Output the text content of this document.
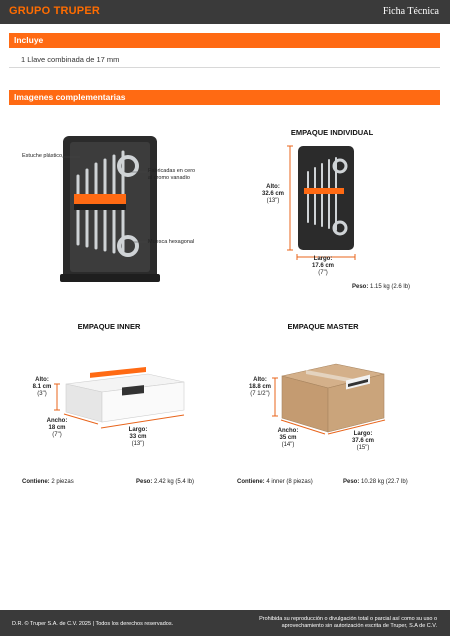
GRUPO TRUPER	Ficha Técnica
Incluye
1 Llave combinada de 17 mm
Imagenes complementarias
Estuche plástico
Fabricadas en cero
al cromo vanadio
Muesca hexagonal
EMPAQUE INDIVIDUAL
Alto:
32.6 cm
(13")
Largo:
17.6 cm
(7")
Peso: 1.15 kg (2.6 lb)
EMPAQUE INNER
Alto:
8.1 cm
(3")
Ancho:
18 cm
(7")
Largo:
33 cm
(13")
Contiene: 2 piezas	Peso: 2.42 kg (5.4 lb)
EMPAQUE MASTER
Alto:
18.8 cm
(7 1/2")
Ancho:
35 cm
(14")
Largo:
37.6 cm
(15")
Contiene: 4 inner (8 piezas)	Peso: 10.28 kg (22.7 lb)
D.R. © Truper S.A. de C.V. 2025 | Todos los derechos reservados.
Prohibida su reproducción o divulgación total o parcial así como su uso o
aprovechamiento sin autorización escrita de Truper, S.A de C.V.
